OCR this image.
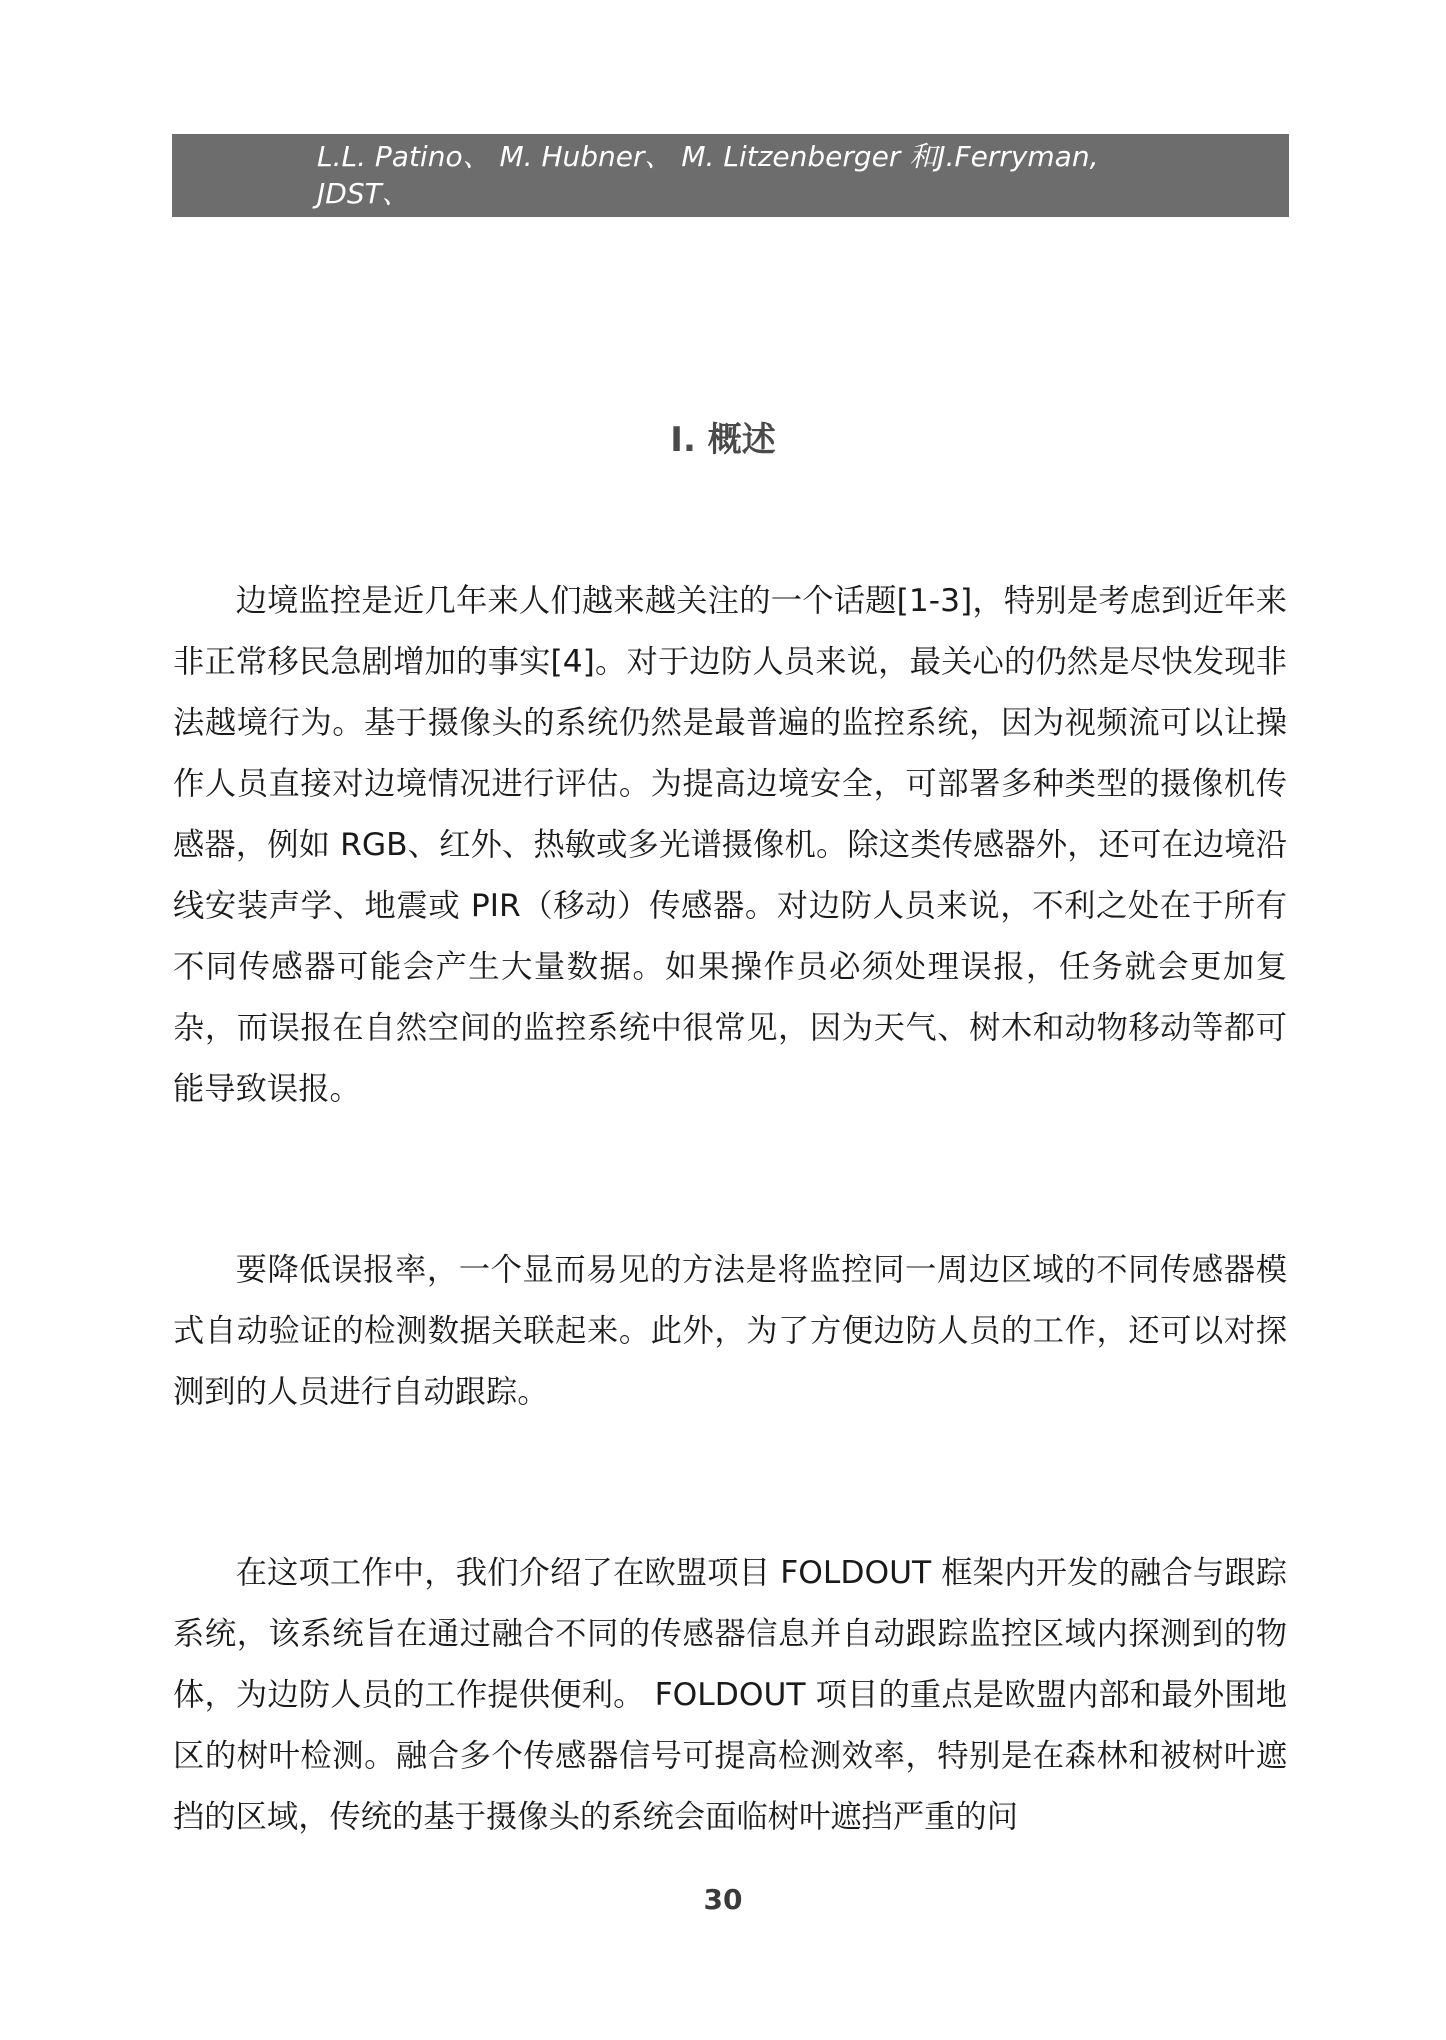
L.L. Patino、 M. Hubner、 M. Litzenberger 和J.Ferryman,
JDST、
I. 概述

边境监控是近几年来人们越来越关注的一个话题[1-3]，特别是考虑到近年来非正常移民急剧增加的事实[4]。对于边防人员来说，最关心的仍然是尽快发现非法越境行为。基于摄像头的系统仍然是最普遍的监控系统，因为视频流可以让操作人员直接对边境情况进行评估。为提高边境安全，可部署多种类型的摄像机传感器，例如 RGB、红外、热敏或多光谱摄像机。除这类传感器外，还可在边境沿线安装声学、地震或 PIR（移动）传感器。对边防人员来说，不利之处在于所有不同传感器可能会产生大量数据。如果操作员必须处理误报，任务就会更加复杂，而误报在自然空间的监控系统中很常见，因为天气、树木和动物移动等都可能导致误报。

要降低误报率，一个显而易见的方法是将监控同一周边区域的不同传感器模式自动验证的检测数据关联起来。此外，为了方便边防人员的工作，还可以对探测到的人员进行自动跟踪。

在这项工作中，我们介绍了在欧盟项目 FOLDOUT 框架内开发的融合与跟踪系统，该系统旨在通过融合不同的传感器信息并自动跟踪监控区域内探测到的物体，为边防人员的工作提供便利。 FOLDOUT 项目的重点是欧盟内部和最外围地区的树叶检测。融合多个传感器信号可提高检测效率，特别是在森林和被树叶遮挡的区域，传统的基于摄像头的系统会面临树叶遮挡严重的问

30
